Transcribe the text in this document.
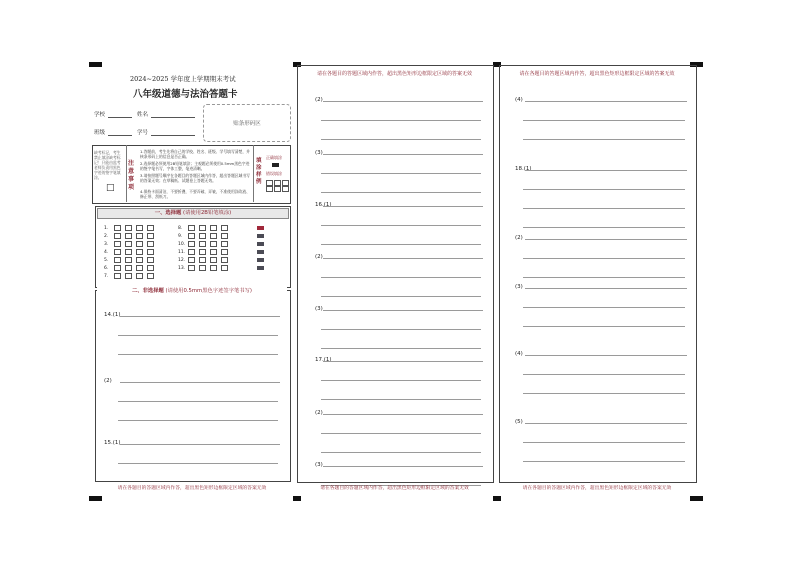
2024~2025 学年度上学期期末考试
八年级道德与法治答题卡
学校	姓名
班级	学号
贴条形码区
缺考标记，考生禁止填涂缺考标记！只能由监考老师负责用黑色字迹的签字笔填涂。
□
注意事项
1.答题前，考生先将自己的学校、姓名、班级、学号填写清楚，并核条形码上的信息是否正确。
2.选择题必须使用2B铅笔填涂；主观题必须使用0.5mm黑色字迹的签字笔书写，字体工整，笔迹清晰。
3.请按照题号顺序在各题目的答题区域内作答，超出答题区域书写的答案无效；在草稿纸、试题卷上答题无效。
4.保持卡面清洁，不要折叠，不要弄破、弄皱，不准使用涂改液、修正带、刮纸刀。
填涂样例
正确填涂
错误填涂

一、选择题 (请使用2B铅笔填涂)
1.
2.
3.
4.
5.
6.
7.
8.
9.
10.
11.
12.
13.
二、非选择题 (请使用0.5mm黑色字迹签字笔书写)
14.(1)
(2)
15.(1)
请在各题目的答题区域内作答，超出黑色矩形边框限定区域的答案无效
请在各题目的答题区域内作答，超出黑色矩形边框限定区域的答案无效
(2)
(3)
16.(1)
(2)
(3)
17.(1)
(2)
(3)
请在各题目的答题区域内作答，超出黑色矩形边框限定区域的答案无效
请在各题目的答题区域内作答，超出黑色矩形边框限定区域的答案无效
(4)
18.(1)
(2)
(3)
(4)
(5)
请在各题目的答题区域内作答，超出黑色矩形边框限定区域的答案无效
